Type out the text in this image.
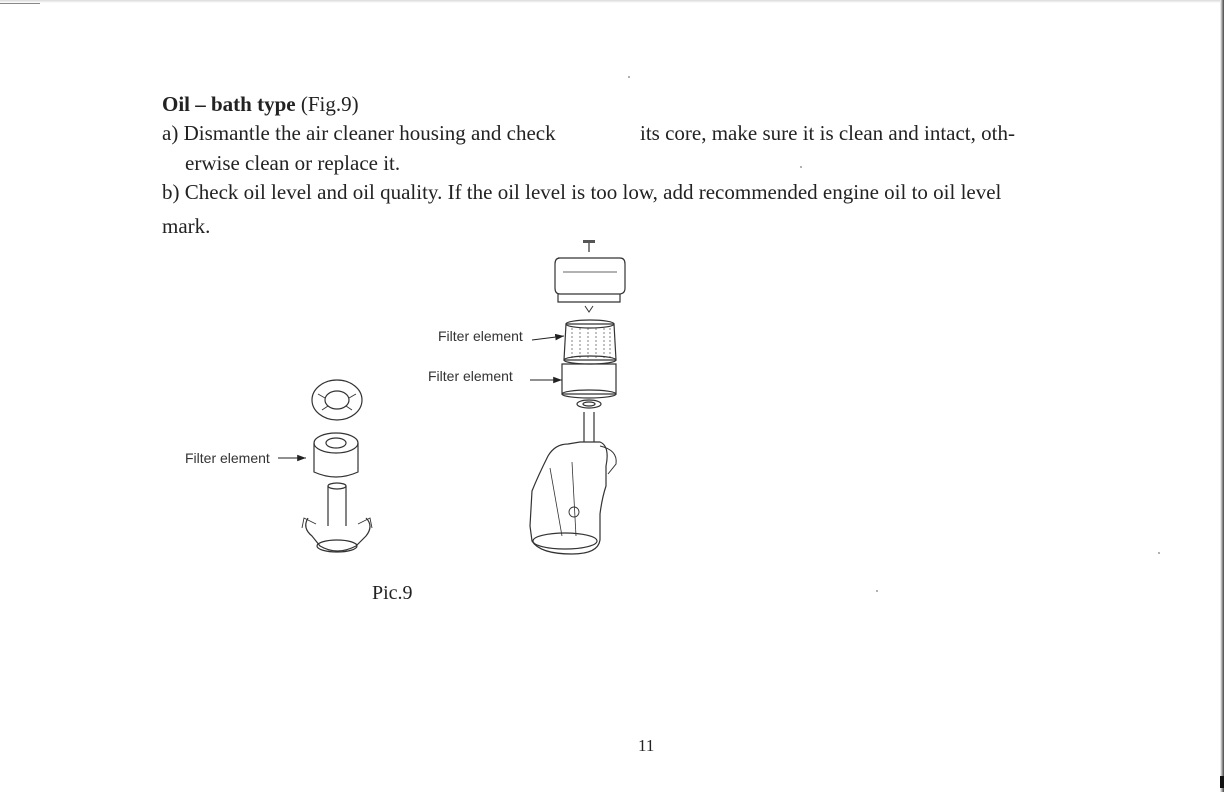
Oil – bath type (Fig.9)
a) Dismantle the air cleaner housing and check	its core, make sure it is clean and intact, oth-
erwise clean or replace it.
b) Check oil level and oil quality. If the oil level is too low, add recommended engine oil to oil level
mark.
Filter element
Filter element
Filter element
Pic.9
11
